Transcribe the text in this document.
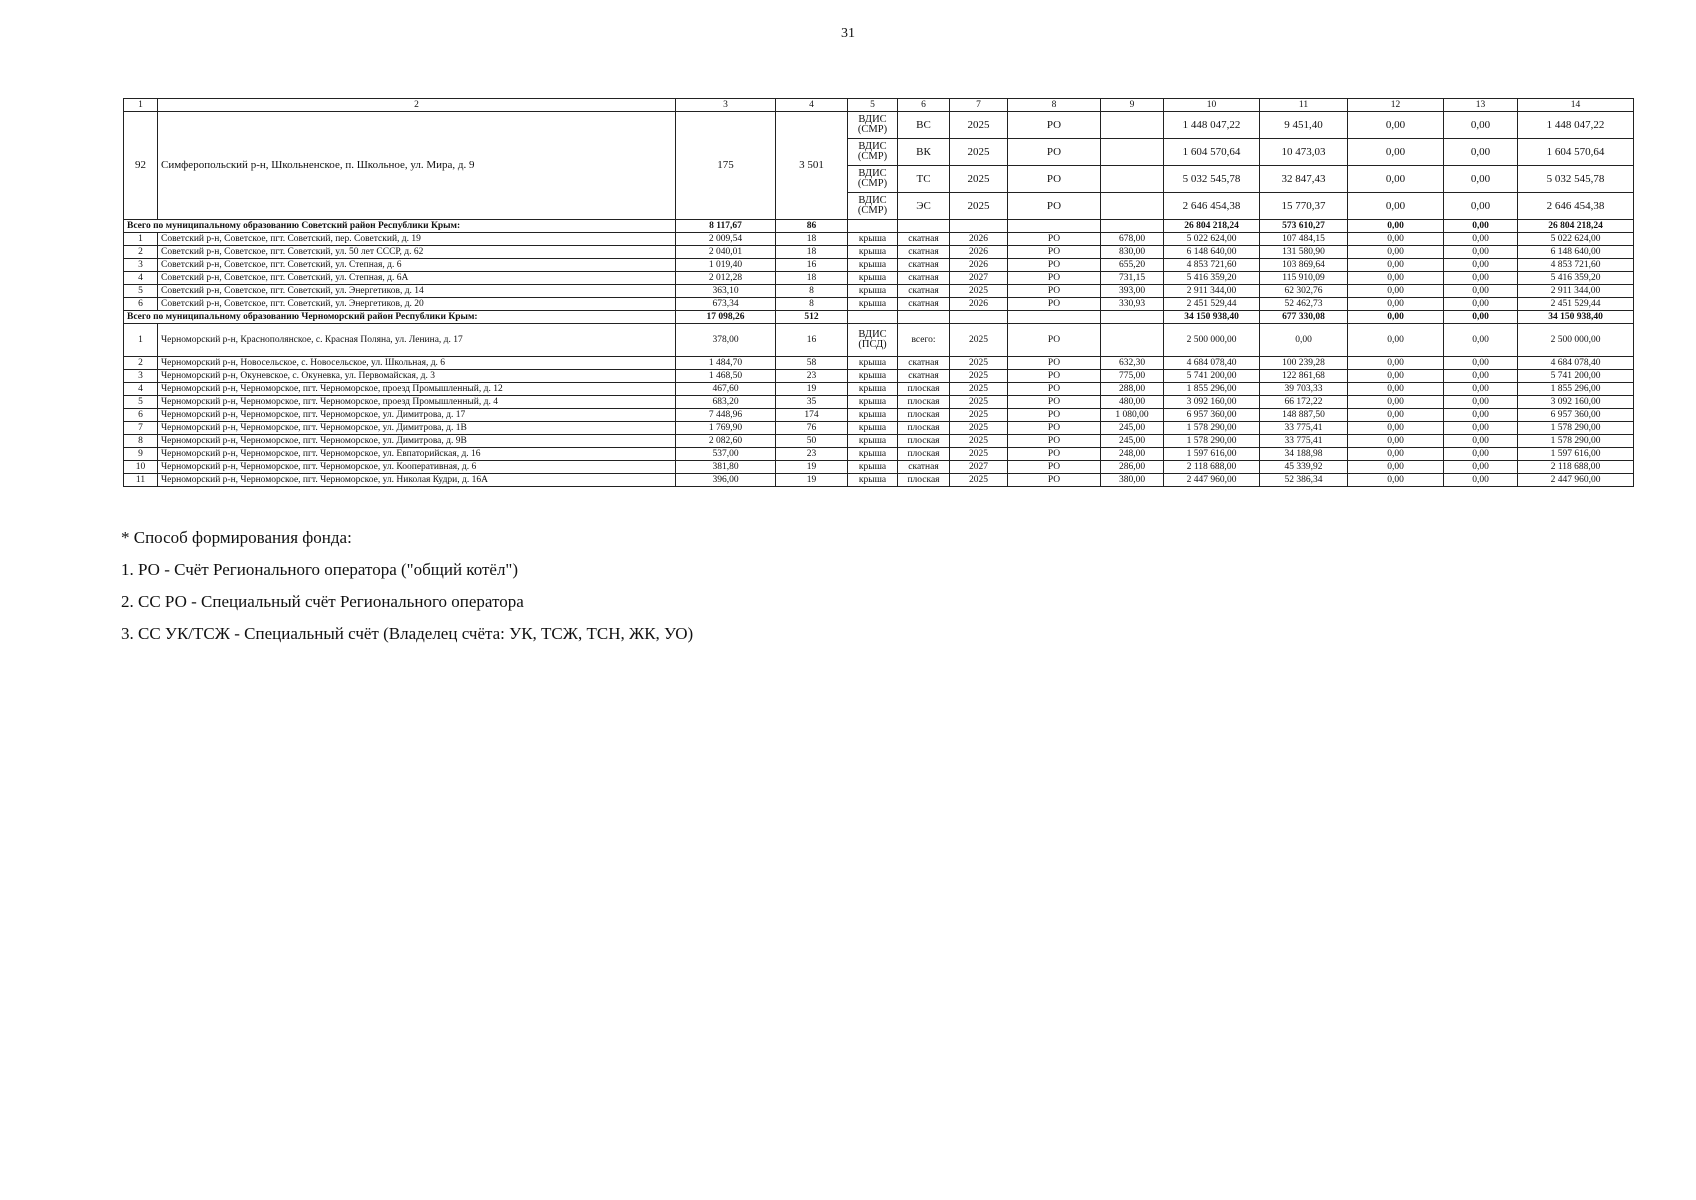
31
1	2	3	4	5	6	7	8	9	10	11	12	13	14
92	Симферопольский р-н, Школьненское, п. Школьное, ул. Мира, д. 9	175	3 501	ВДИС (СМР)	ВС	2025	РО		1 448 047,22	9 451,40	0,00	0,00	1 448 047,22
				ВДИС (СМР)	ВК	2025	РО		1 604 570,64	10 473,03	0,00	0,00	1 604 570,64
				ВДИС (СМР)	ТС	2025	РО		5 032 545,78	32 847,43	0,00	0,00	5 032 545,78
				ВДИС (СМР)	ЭС	2025	РО		2 646 454,38	15 770,37	0,00	0,00	2 646 454,38
Всего по муниципальному образованию Советский район Республики Крым:		8 117,67	86						26 804 218,24	573 610,27	0,00	0,00	26 804 218,24
1	Советский р-н, Советское, пгт. Советский, пер. Советский, д. 19	2 009,54	18	крыша	скатная	2026	РО	678,00	5 022 624,00	107 484,15	0,00	0,00	5 022 624,00
2	Советский р-н, Советское, пгт. Советский, ул. 50 лет СССР, д. 62	2 040,01	18	крыша	скатная	2026	РО	830,00	6 148 640,00	131 580,90	0,00	0,00	6 148 640,00
3	Советский р-н, Советское, пгт. Советский, ул. Степная, д. 6	1 019,40	16	крыша	скатная	2026	РО	655,20	4 853 721,60	103 869,64	0,00	0,00	4 853 721,60
4	Советский р-н, Советское, пгт. Советский, ул. Степная, д. 6А	2 012,28	18	крыша	скатная	2027	РО	731,15	5 416 359,20	115 910,09	0,00	0,00	5 416 359,20
5	Советский р-н, Советское, пгт. Советский, ул. Энергетиков, д. 14	363,10	8	крыша	скатная	2025	РО	393,00	2 911 344,00	62 302,76	0,00	0,00	2 911 344,00
6	Советский р-н, Советское, пгт. Советский, ул. Энергетиков, д. 20	673,34	8	крыша	скатная	2026	РО	330,93	2 451 529,44	52 462,73	0,00	0,00	2 451 529,44
Всего по муниципальному образованию Черноморский район Республики Крым:		17 098,26	512						34 150 938,40	677 330,08	0,00	0,00	34 150 938,40
1	Черноморский р-н, Краснополянское, с. Красная Поляна, ул. Ленина, д. 17	378,00	16	ВДИС (ПСД)	всего:	2025	РО		2 500 000,00	0,00	0,00	0,00	2 500 000,00
2	Черноморский р-н, Новосельское, с. Новосельское, ул. Школьная, д. 6	1 484,70	58	крыша	скатная	2025	РО	632,30	4 684 078,40	100 239,28	0,00	0,00	4 684 078,40
3	Черноморский р-н, Окуневское, с. Окуневка, ул. Первомайская, д. 3	1 468,50	23	крыша	скатная	2025	РО	775,00	5 741 200,00	122 861,68	0,00	0,00	5 741 200,00
4	Черноморский р-н, Черноморское, пгт. Черноморское, проезд Промышленный, д. 12	467,60	19	крыша	плоская	2025	РО	288,00	1 855 296,00	39 703,33	0,00	0,00	1 855 296,00
5	Черноморский р-н, Черноморское, пгт. Черноморское, проезд Промышленный, д. 4	683,20	35	крыша	плоская	2025	РО	480,00	3 092 160,00	66 172,22	0,00	0,00	3 092 160,00
6	Черноморский р-н, Черноморское, пгт. Черноморское, ул. Димитрова, д. 17	7 448,96	174	крыша	плоская	2025	РО	1 080,00	6 957 360,00	148 887,50	0,00	0,00	6 957 360,00
7	Черноморский р-н, Черноморское, пгт. Черноморское, ул. Димитрова, д. 1В	1 769,90	76	крыша	плоская	2025	РО	245,00	1 578 290,00	33 775,41	0,00	0,00	1 578 290,00
8	Черноморский р-н, Черноморское, пгт. Черноморское, ул. Димитрова, д. 9В	2 082,60	50	крыша	плоская	2025	РО	245,00	1 578 290,00	33 775,41	0,00	0,00	1 578 290,00
9	Черноморский р-н, Черноморское, пгт. Черноморское, ул. Евпаторийская, д. 16	537,00	23	крыша	плоская	2025	РО	248,00	1 597 616,00	34 188,98	0,00	0,00	1 597 616,00
10	Черноморский р-н, Черноморское, пгт. Черноморское, ул. Кооперативная, д. 6	381,80	19	крыша	скатная	2027	РО	286,00	2 118 688,00	45 339,92	0,00	0,00	2 118 688,00
11	Черноморский р-н, Черноморское, пгт. Черноморское, ул. Николая Кудри, д. 16А	396,00	19	крыша	плоская	2025	РО	380,00	2 447 960,00	52 386,34	0,00	0,00	2 447 960,00
* Способ формирования фонда:
1. РО - Счёт Регионального оператора ("общий котёл")
2. СС РО - Специальный счёт Регионального оператора
3. СС УК/ТСЖ - Специальный счёт (Владелец счёта: УК, ТСЖ, ТСН, ЖК, УО)
